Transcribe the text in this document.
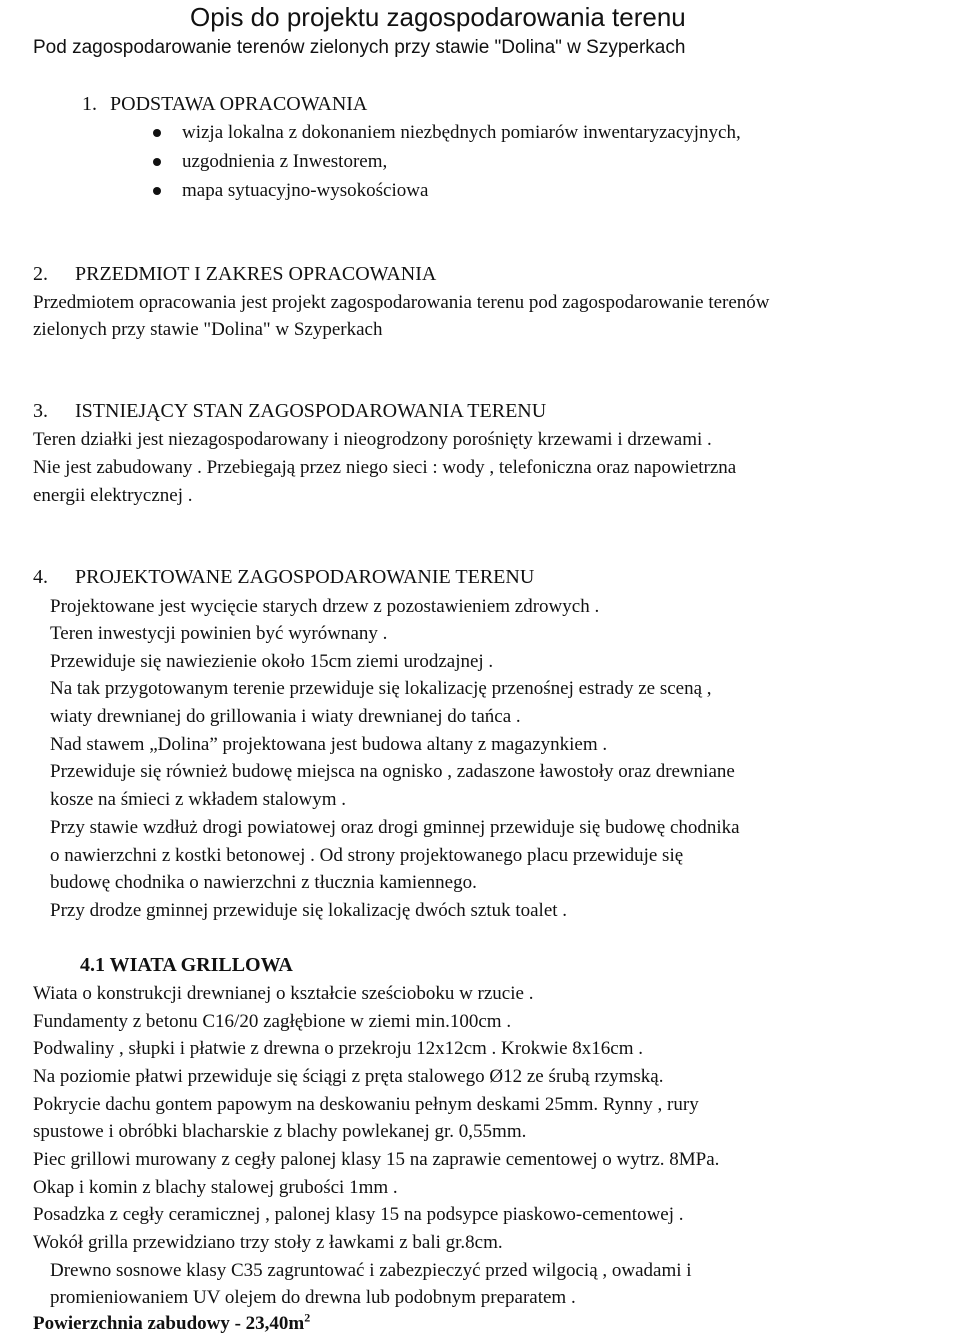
Opis do projektu zagospodarowania terenu
Pod zagospodarowanie terenów zielonych przy stawie "Dolina" w Szyperkach
1. PODSTAWA OPRACOWANIA
wizja lokalna z dokonaniem niezbędnych pomiarów inwentaryzacyjnych,
uzgodnienia z Inwestorem,
mapa sytuacyjno-wysokościowa
2. PRZEDMIOT I ZAKRES OPRACOWANIA
Przedmiotem opracowania jest projekt zagospodarowania terenu pod zagospodarowanie terenów
zielonych przy stawie "Dolina" w Szyperkach
3. ISTNIEJĄCY STAN ZAGOSPODAROWANIA TERENU
Teren działki jest niezagospodarowany i nieogrodzony porośnięty krzewami i drzewami .
Nie jest zabudowany . Przebiegają przez niego sieci : wody , telefoniczna oraz napowietrzna
energii elektrycznej .
4. PROJEKTOWANE ZAGOSPODAROWANIE TERENU
Projektowane jest wycięcie starych drzew z pozostawieniem zdrowych .
Teren inwestycji powinien być wyrównany .
Przewiduje się nawiezienie około 15cm ziemi urodzajnej .
Na tak przygotowanym terenie przewiduje się lokalizację przenośnej estrady ze sceną ,
wiaty drewnianej do grillowania i wiaty drewnianej do tańca .
Nad stawem „Dolina” projektowana jest budowa altany z magazynkiem .
Przewiduje się również budowę miejsca na ognisko , zadaszone ławostoły oraz drewniane
kosze na śmieci z wkładem stalowym .
Przy stawie wzdłuż drogi powiatowej oraz drogi gminnej przewiduje się budowę chodnika
o nawierzchni z kostki betonowej . Od strony projektowanego placu przewiduje się
budowę chodnika o nawierzchni z tłucznia kamiennego.
Przy drodze gminnej przewiduje się lokalizację dwóch sztuk toalet .
4.1 WIATA GRILLOWA
Wiata o konstrukcji drewnianej o kształcie sześcioboku w rzucie .
Fundamenty z betonu C16/20 zagłębione w ziemi min.100cm .
Podwaliny , słupki i płatwie z drewna o przekroju 12x12cm . Krokwie 8x16cm .
Na poziomie płatwi przewiduje się ściągi z pręta stalowego Ø12 ze śrubą rzymską.
Pokrycie dachu gontem papowym na deskowaniu pełnym deskami 25mm. Rynny , rury
spustowe i obróbki blacharskie z blachy powlekanej gr. 0,55mm.
Piec grillowi murowany z cegły palonej klasy 15 na zaprawie cementowej o wytrz. 8MPa.
Okap i komin z blachy stalowej grubości 1mm .
Posadzka z cegły ceramicznej , palonej klasy 15 na podsypce piaskowo-cementowej .
Wokół grilla przewidziano trzy stoły z ławkami z bali gr.8cm.
Drewno sosnowe klasy C35 zagruntować i zabezpieczyć przed wilgocią , owadami i
promieniowaniem UV olejem do drewna lub podobnym preparatem .
Powierzchnia zabudowy - $23,40m^2$
